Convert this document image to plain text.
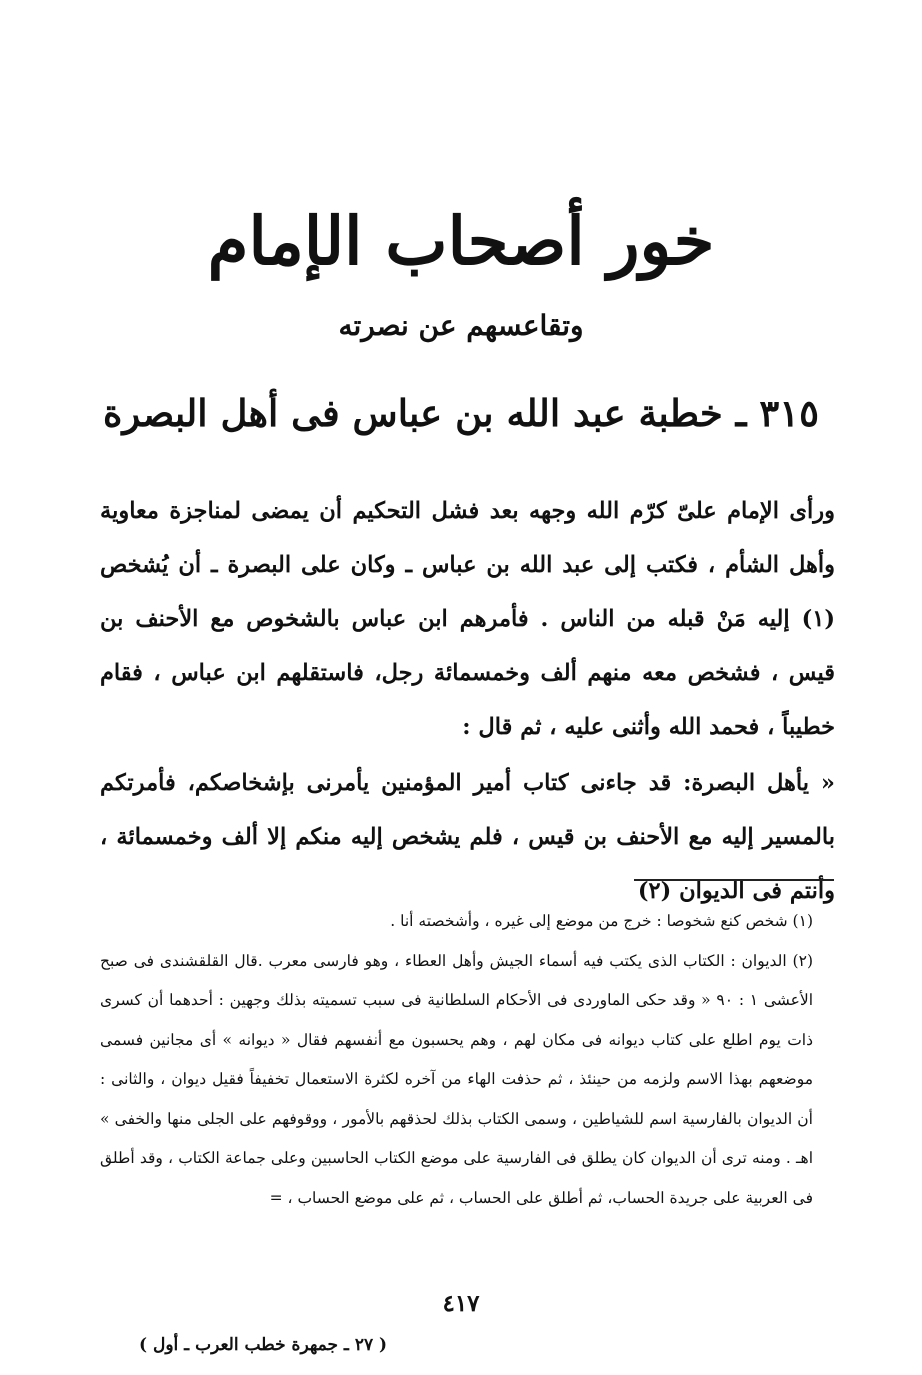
خور أصحاب الإمام
وتقاعسهم عن نصرته
٣١٥ ـ خطبة عبد الله بن عباس فى أهل البصرة

ورأى الإمام علىّ كرّم الله وجهه بعد فشل التحكيم أن يمضى لمناجزة معاوية وأهل الشأم ، فكتب إلى عبد الله بن عباس ـ وكان على البصرة ـ أن يُشخص (١) إليه مَنْ قبله من الناس . فأمرهم ابن عباس بالشخوص مع الأحنف بن قيس ، فشخص معه منهم ألف وخمسمائة رجل، فاستقلهم ابن عباس ، فقام خطيباً ، فحمد الله وأثنى عليه ، ثم قال :

« يأهل البصرة: قد جاءنى كتاب أمير المؤمنين يأمرنى بإشخاصكم، فأمرتكم بالمسير إليه مع الأحنف بن قيس ، فلم يشخص إليه منكم إلا ألف وخمسمائة ، وأنتم فى الديوان (٢)

(١) شخص كنع شخوصا : خرج من موضع إلى غيره ، وأشخصته أنا .

(٢) الديوان : الكتاب الذى يكتب فيه أسماء الجيش وأهل العطاء ، وهو فارسى معرب .قال القلقشندى فى صبح الأعشى ١ : ٩٠ « وقد حكى الماوردى فى الأحكام السلطانية فى سبب تسميته بذلك وجهين : أحدهما أن كسرى ذات يوم اطلع على كتاب ديوانه فى مكان لهم ، وهم يحسبون مع أنفسهم فقال « ديوانه » أى مجانين فسمى موضعهم بهذا الاسم ولزمه من حينئذ ، ثم حذفت الهاء من آخره لكثرة الاستعمال تخفيفاً فقيل ديوان ، والثانى : أن الديوان بالفارسية اسم للشياطين ، وسمى الكتاب بذلك لحذقهم بالأمور ، ووقوفهم على الجلى منها والخفى » اهـ . ومنه ترى أن الديوان كان يطلق فى الفارسية على موضع الكتاب الحاسبين وعلى جماعة الكتاب ، وقد أطلق فى العربية على جريدة الحساب، ثم أطلق على الحساب ، ثم على موضع الحساب ، =

٤١٧
( ٢٧ ـ جمهرة خطب العرب ـ أول )
